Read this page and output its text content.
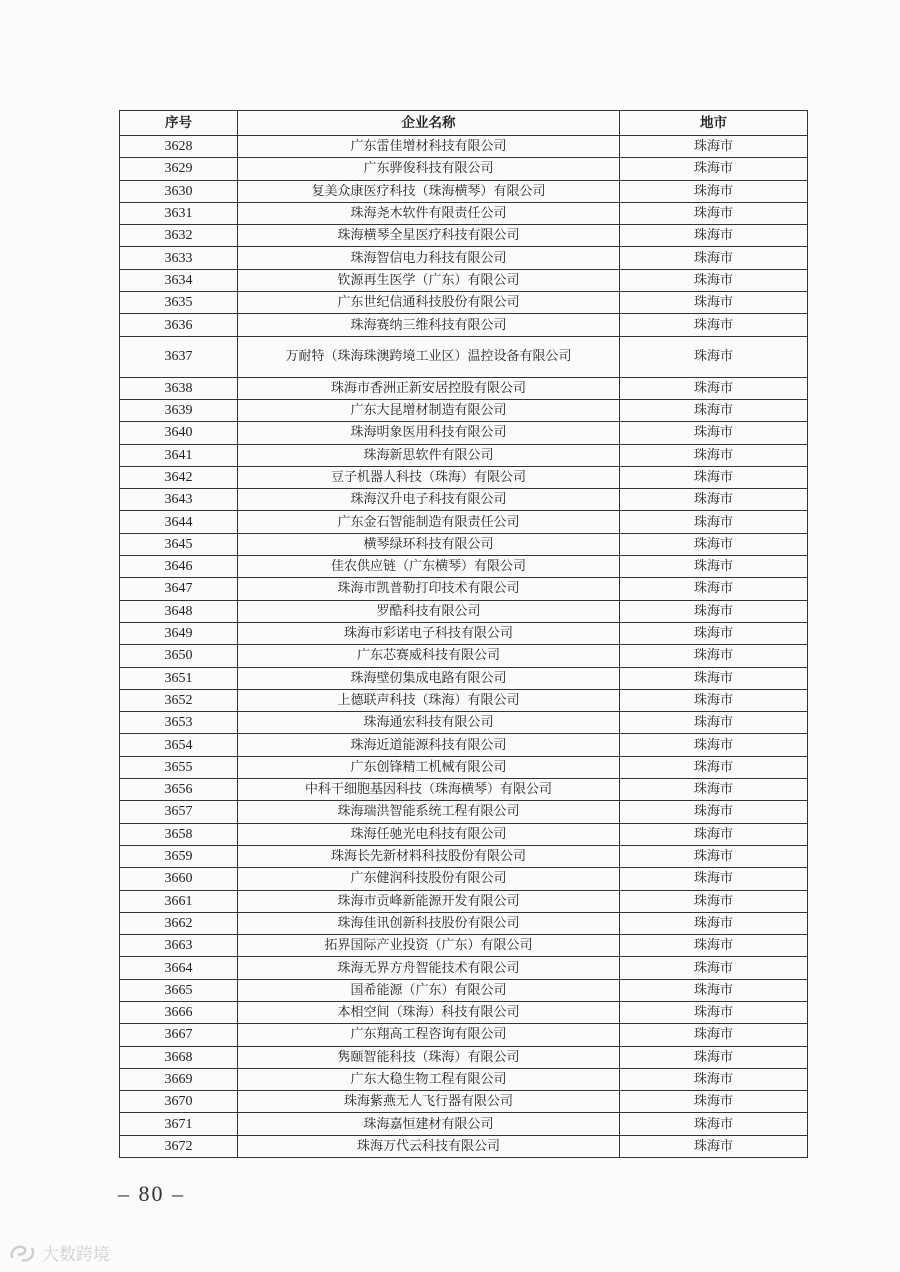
序号	企业名称	地市
3628	广东雷佳增材科技有限公司	珠海市
3629	广东骅俊科技有限公司	珠海市
3630	复美众康医疗科技（珠海横琴）有限公司	珠海市
3631	珠海尧木软件有限责任公司	珠海市
3632	珠海横琴全星医疗科技有限公司	珠海市
3633	珠海智信电力科技有限公司	珠海市
3634	钦源再生医学（广东）有限公司	珠海市
3635	广东世纪信通科技股份有限公司	珠海市
3636	珠海赛纳三维科技有限公司	珠海市
3637	万耐特（珠海珠澳跨境工业区）温控设备有限公司	珠海市
3638	珠海市香洲正新安居控股有限公司	珠海市
3639	广东大昆增材制造有限公司	珠海市
3640	珠海明象医用科技有限公司	珠海市
3641	珠海新思软件有限公司	珠海市
3642	豆子机器人科技（珠海）有限公司	珠海市
3643	珠海汉升电子科技有限公司	珠海市
3644	广东金石智能制造有限责任公司	珠海市
3645	横琴绿环科技有限公司	珠海市
3646	佳农供应链（广东横琴）有限公司	珠海市
3647	珠海市凯普勒打印技术有限公司	珠海市
3648	罗酷科技有限公司	珠海市
3649	珠海市彩诺电子科技有限公司	珠海市
3650	广东芯赛威科技有限公司	珠海市
3651	珠海壁仞集成电路有限公司	珠海市
3652	上德联声科技（珠海）有限公司	珠海市
3653	珠海通宏科技有限公司	珠海市
3654	珠海近道能源科技有限公司	珠海市
3655	广东创锋精工机械有限公司	珠海市
3656	中科干细胞基因科技（珠海横琴）有限公司	珠海市
3657	珠海瑞洪智能系统工程有限公司	珠海市
3658	珠海任驰光电科技有限公司	珠海市
3659	珠海长先新材料科技股份有限公司	珠海市
3660	广东健润科技股份有限公司	珠海市
3661	珠海市贡峰新能源开发有限公司	珠海市
3662	珠海佳讯创新科技股份有限公司	珠海市
3663	拓界国际产业投资（广东）有限公司	珠海市
3664	珠海无界方舟智能技术有限公司	珠海市
3665	国希能源（广东）有限公司	珠海市
3666	本相空间（珠海）科技有限公司	珠海市
3667	广东翔高工程咨询有限公司	珠海市
3668	隽颐智能科技（珠海）有限公司	珠海市
3669	广东大稳生物工程有限公司	珠海市
3670	珠海紫燕无人飞行器有限公司	珠海市
3671	珠海嘉恒建材有限公司	珠海市
3672	珠海万代云科技有限公司	珠海市
– 80 –
大数跨境
